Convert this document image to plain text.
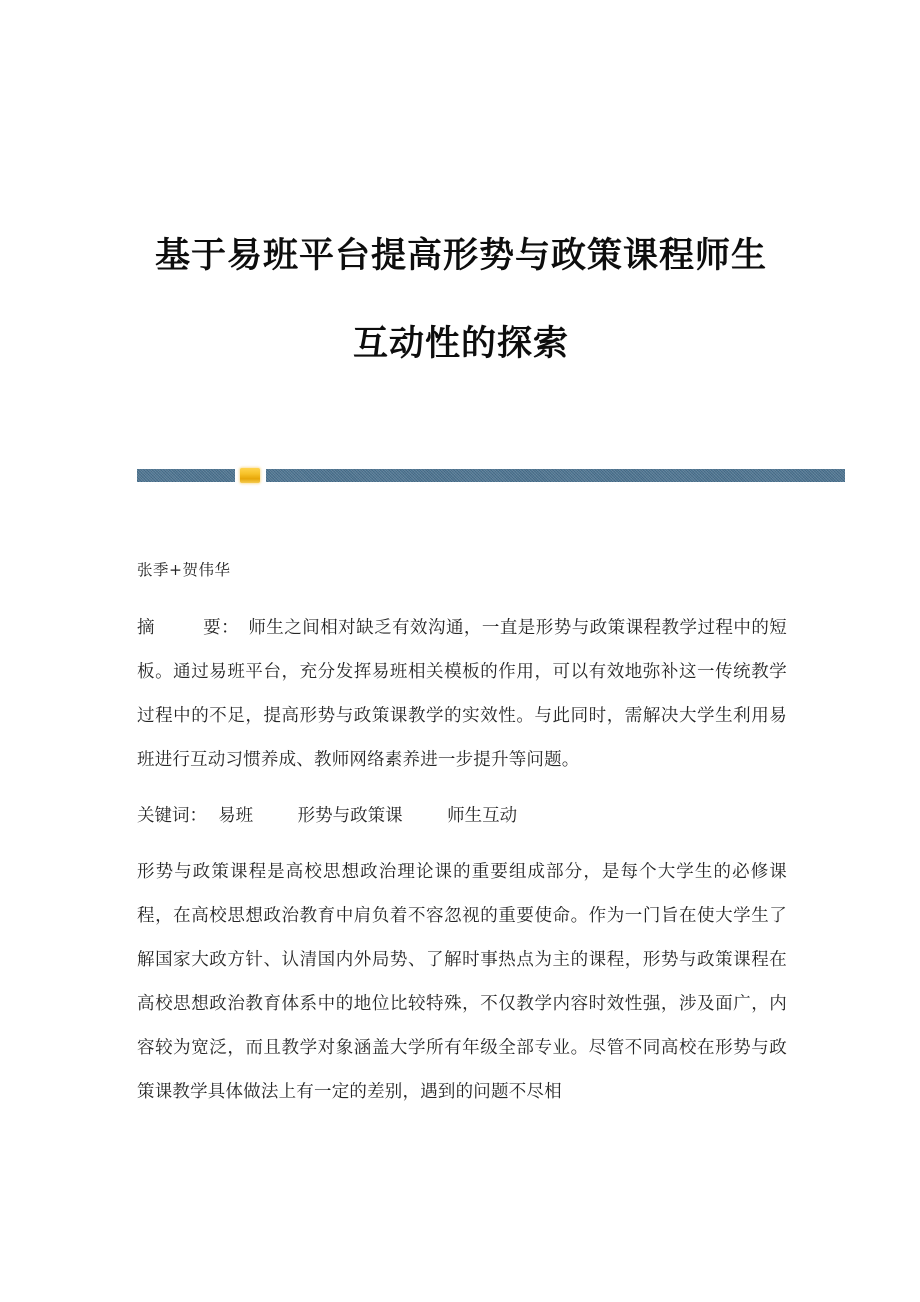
基于易班平台提高形势与政策课程师生
互动性的探索
张季+贺伟华

摘        要：　师生之间相对缺乏有效沟通，一直是形势与政策课程教学过程中的短板。通过易班平台，充分发挥易班相关模板的作用，可以有效地弥补这一传统教学过程中的不足，提高形势与政策课教学的实效性。与此同时，需解决大学生利用易班进行互动习惯养成、教师网络素养进一步提升等问题。

关键词：  易班        形势与政策课        师生互动

形势与政策课程是高校思想政治理论课的重要组成部分，是每个大学生的必修课程，在高校思想政治教育中肩负着不容忽视的重要使命。作为一门旨在使大学生了解国家大政方针、认清国内外局势、了解时事热点为主的课程，形势与政策课程在高校思想政治教育体系中的地位比较特殊，不仅教学内容时效性强，涉及面广，内容较为宽泛，而且教学对象涵盖大学所有年级全部专业。尽管不同高校在形势与政策课教学具体做法上有一定的差别，遇到的问题不尽相
